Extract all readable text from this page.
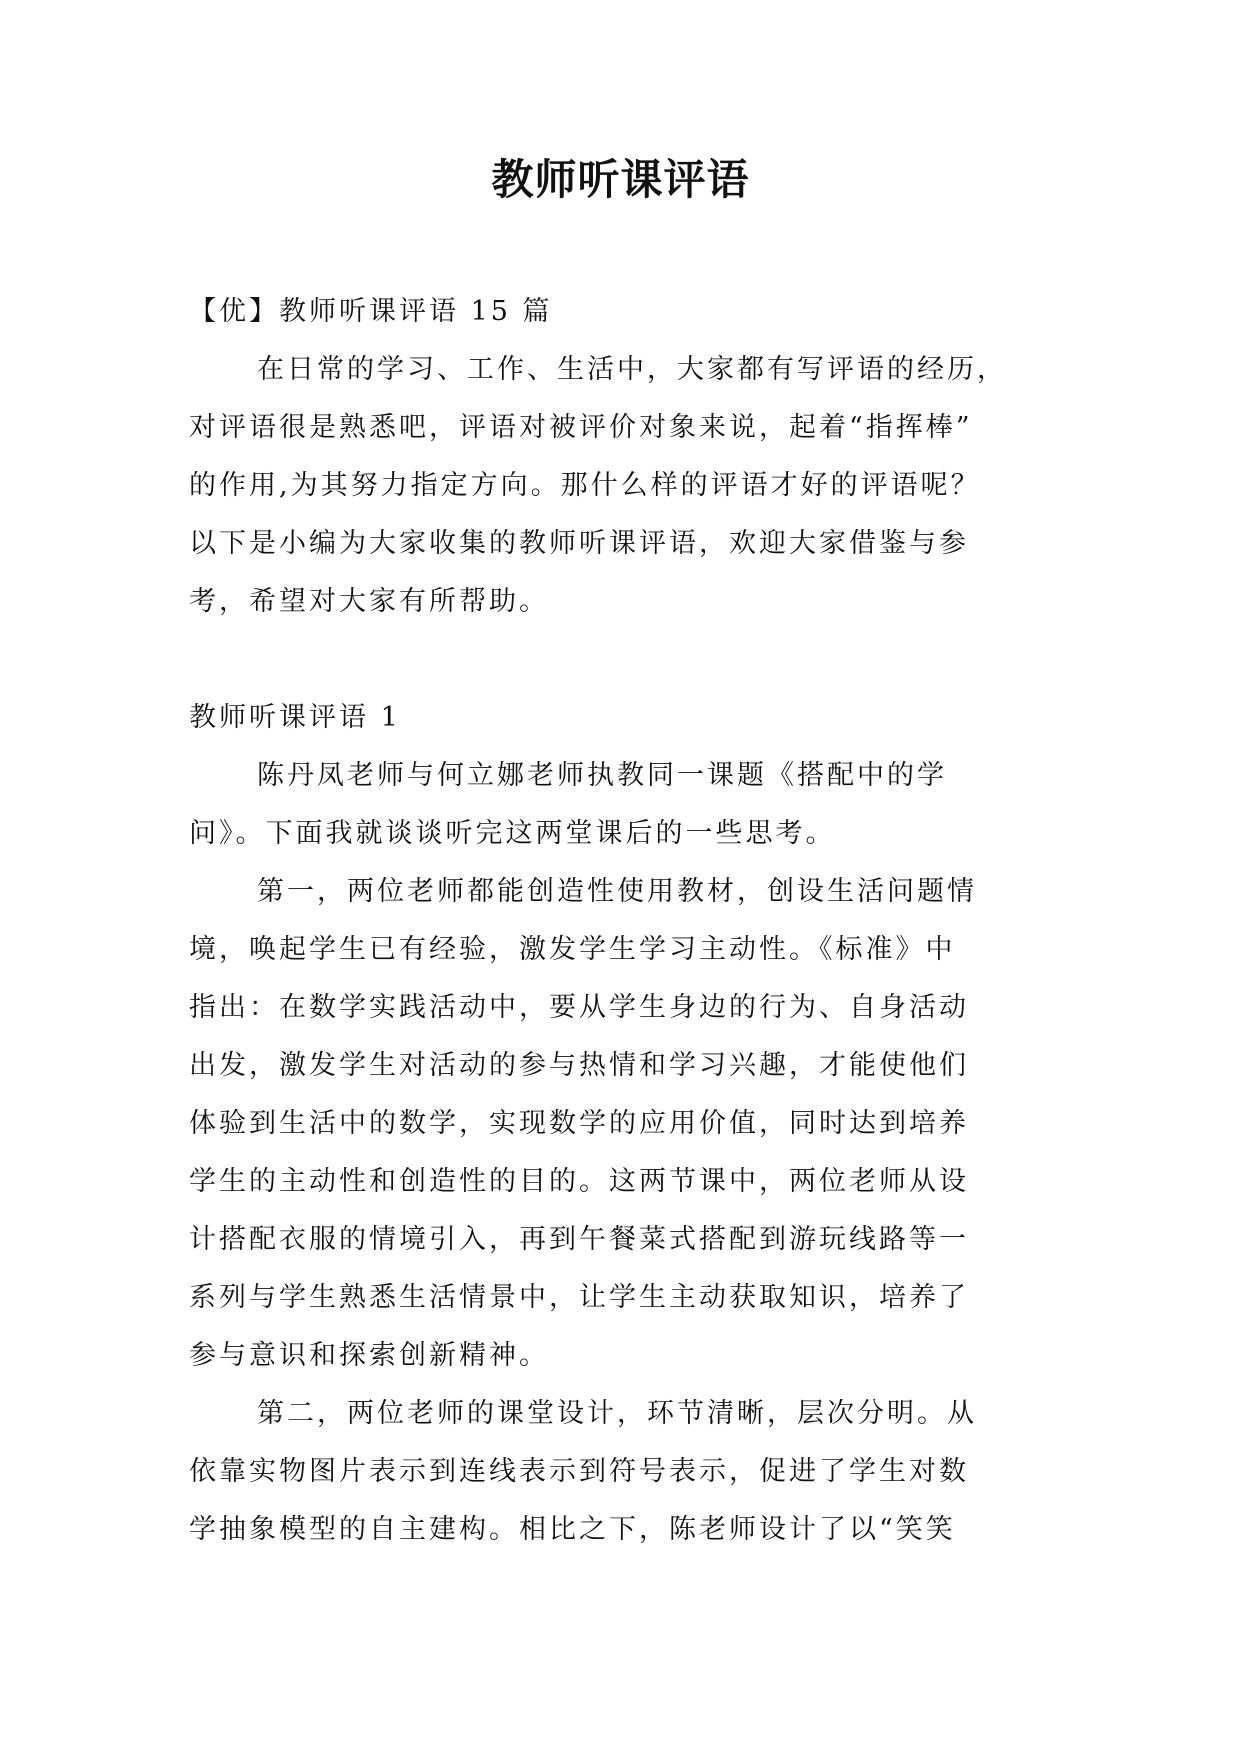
教师听课评语
【优】教师听课评语 15 篇
在日常的学习、工作、生活中，大家都有写评语的经历，
对评语很是熟悉吧，评语对被评价对象来说，起着“指挥棒”
的作用,为其努力指定方向。那什么样的评语才好的评语呢？
以下是小编为大家收集的教师听课评语，欢迎大家借鉴与参
考，希望对大家有所帮助。
教师听课评语 1
陈丹凤老师与何立娜老师执教同一课题《搭配中的学
问》。下面我就谈谈听完这两堂课后的一些思考。
第一，两位老师都能创造性使用教材，创设生活问题情
境，唤起学生已有经验，激发学生学习主动性。《标准》中
指出：在数学实践活动中，要从学生身边的行为、自身活动
出发，激发学生对活动的参与热情和学习兴趣，才能使他们
体验到生活中的数学，实现数学的应用价值，同时达到培养
学生的主动性和创造性的目的。这两节课中，两位老师从设
计搭配衣服的情境引入，再到午餐菜式搭配到游玩线路等一
系列与学生熟悉生活情景中，让学生主动获取知识，培养了
参与意识和探索创新精神。
第二，两位老师的课堂设计，环节清晰，层次分明。从
依靠实物图片表示到连线表示到符号表示，促进了学生对数
学抽象模型的自主建构。相比之下，陈老师设计了以“笑笑
